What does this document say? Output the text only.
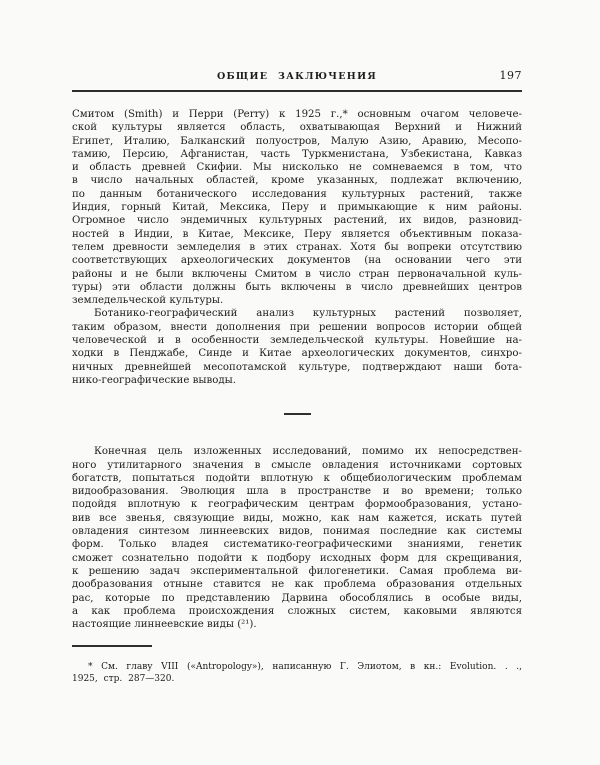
ОБЩИЕ ЗАКЛЮЧЕНИЯ	197
Смитом (Smith) и Перри (Perry) к 1925 г.,* основным очагом человече-
ской культуры является область, охватывающая Верхний и Нижний
Египет, Италию, Балканский полуостров, Малую Азию, Аравию, Месопо-
тамию, Персию, Афганистан, часть Туркменистана, Узбекистана, Кавказ
и область древней Скифии. Мы нисколько не сомневаемся в том, что
в число начальных областей, кроме указанных, подлежат включению,
по данным ботанического исследования культурных растений, также
Индия, горный Китай, Мексика, Перу и примыкающие к ним районы.
Огромное число эндемичных культурных растений, их видов, разновид-
ностей в Индии, в Китае, Мексике, Перу является объективным показа-
телем древности земледелия в этих странах. Хотя бы вопреки отсутствию
соответствующих археологических документов (на основании чего эти
районы и не были включены Смитом в число стран первоначальной куль-
туры) эти области должны быть включены в число древнейших центров
земледельческой культуры.
Ботанико-географический анализ культурных растений позволяет,
таким образом, внести дополнения при решении вопросов истории общей
человеческой и в особенности земледельческой культуры. Новейшие на-
ходки в Пенджабе, Синде и Китае археологических документов, синхро-
ничных древнейшей месопотамской культуре, подтверждают наши бота-
нико-географические выводы.
Конечная цель изложенных исследований, помимо их непосредствен-
ного утилитарного значения в смысле овладения источниками сортовых
богатств, попытаться подойти вплотную к общебиологическим проблемам
видообразования. Эволюция шла в пространстве и во времени; только
подойдя вплотную к географическим центрам формообразования, устано-
вив все звенья, связующие виды, можно, как нам кажется, искать путей
овладения синтезом линнеевских видов, понимая последние как системы
форм. Только владея систематико-географическими знаниями, генетик
сможет сознательно подойти к подбору исходных форм для скрещивания,
к решению задач экспериментальной филогенетики. Самая проблема ви-
дообразования отныне ставится не как проблема образования отдельных
рас, которые по представлению Дарвина обособлялись в особые виды,
а как проблема происхождения сложных систем, каковыми являются
настоящие линнеевские виды (²¹).
* См. главу VIII («Antropology»), написанную Г. Элиотом, в кн.: Evolution. . .,
1925, стр. 287—320.
